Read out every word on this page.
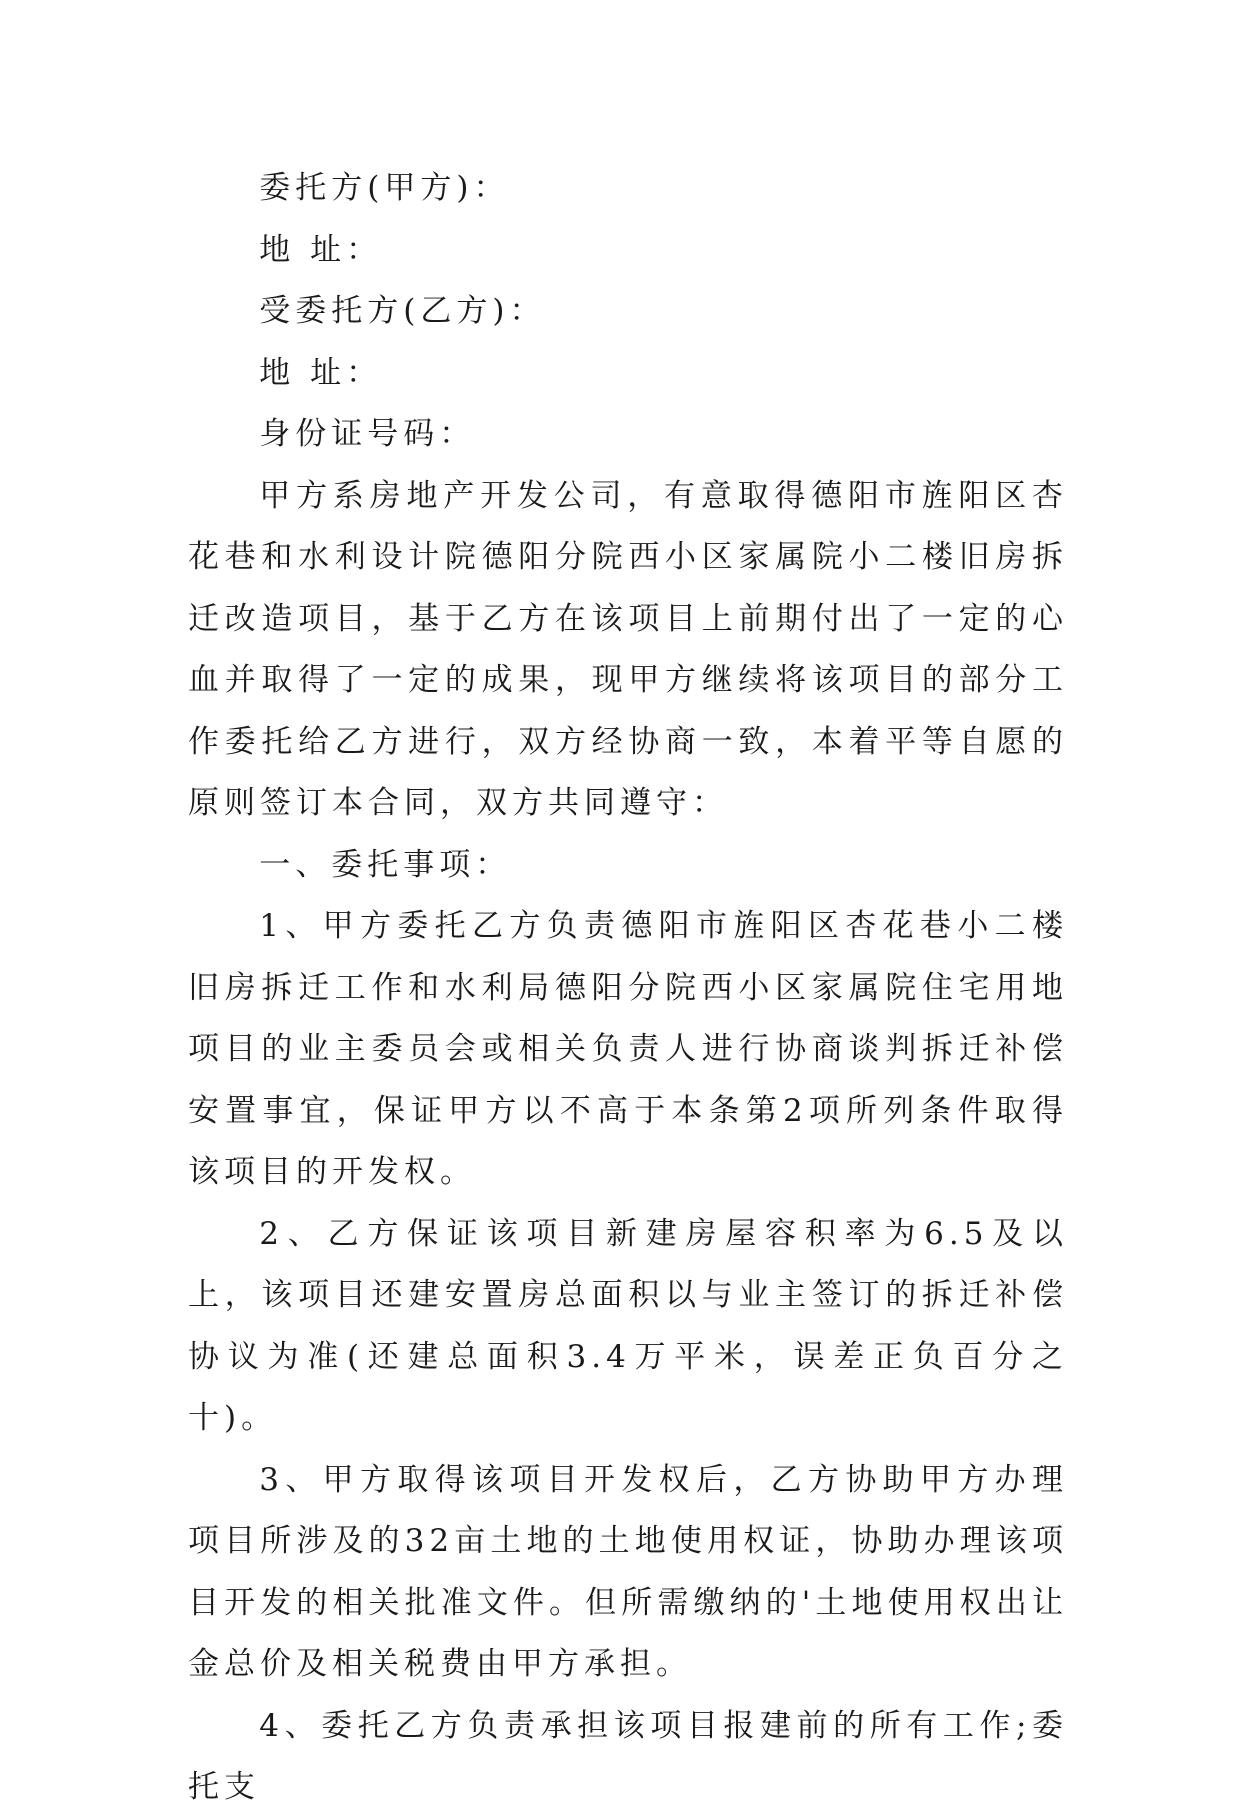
委托方(甲方)：

地 址：

受委托方(乙方)：

地 址：

身份证号码：

甲方系房地产开发公司，有意取得德阳市旌阳区杏花巷和水利设计院德阳分院西小区家属院小二楼旧房拆迁改造项目，基于乙方在该项目上前期付出了一定的心血并取得了一定的成果，现甲方继续将该项目的部分工作委托给乙方进行，双方经协商一致，本着平等自愿的原则签订本合同，双方共同遵守：

一、委托事项：

1、甲方委托乙方负责德阳市旌阳区杏花巷小二楼旧房拆迁工作和水利局德阳分院西小区家属院住宅用地项目的业主委员会或相关负责人进行协商谈判拆迁补偿安置事宜，保证甲方以不高于本条第2项所列条件取得该项目的开发权。

2、乙方保证该项目新建房屋容积率为6.5及以上，该项目还建安置房总面积以与业主签订的拆迁补偿协议为准(还建总面积3.4万平米，误差正负百分之十)。

3、甲方取得该项目开发权后，乙方协助甲方办理项目所涉及的32亩土地的土地使用权证，协助办理该项目开发的相关批准文件。但所需缴纳的'土地使用权出让金总价及相关税费由甲方承担。

4、委托乙方负责承担该项目报建前的所有工作;委托支
